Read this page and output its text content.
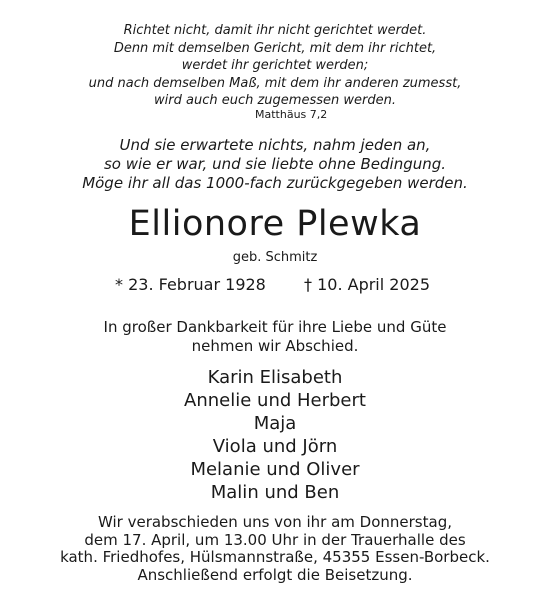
Richtet nicht, damit ihr nicht gerichtet werdet.
Denn mit demselben Gericht, mit dem ihr richtet,
werdet ihr gerichtet werden;
und nach demselben Maß, mit dem ihr anderen zumesst,
wird auch euch zugemessen werden.
Matthäus 7,2
Und sie erwartete nichts, nahm jeden an,
so wie er war, und sie liebte ohne Bedingung.
Möge ihr all das 1000-fach zurückgegeben werden.
Ellionore Plewka
geb. Schmitz
* 23. Februar 1928 † 10. April 2025
In großer Dankbarkeit für ihre Liebe und Güte
nehmen wir Abschied.
Karin Elisabeth
Annelie und Herbert
Maja
Viola und Jörn
Melanie und Oliver
Malin und Ben
Wir verabschieden uns von ihr am Donnerstag,
dem 17. April, um 13.00 Uhr in der Trauerhalle des
kath. Friedhofes, Hülsmannstraße, 45355 Essen-Borbeck.
Anschließend erfolgt die Beisetzung.
